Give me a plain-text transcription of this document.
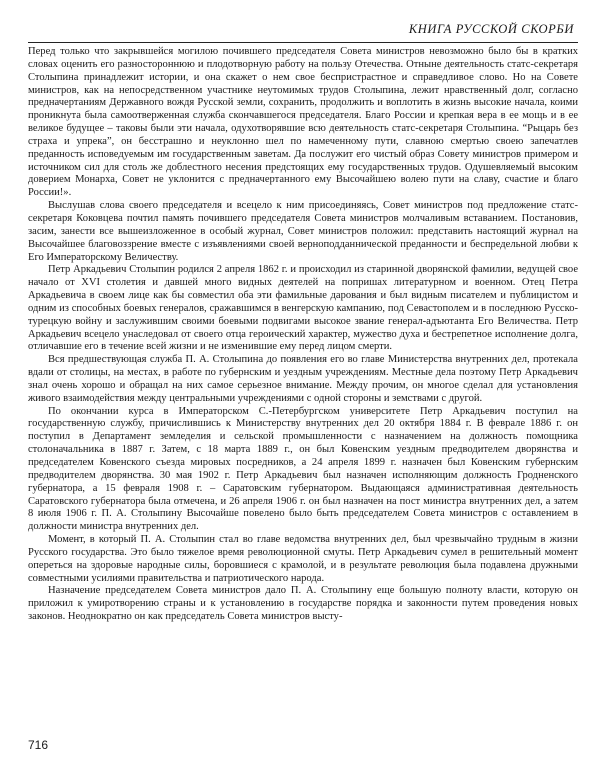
КНИГА РУССКОЙ СКОРБИ

Перед только что закрывшейся могилою почившего председателя Совета министров невозможно было бы в кратких словах оценить его разностороннюю и плодотворную работу на пользу Отечества. Отныне деятельность статс-секретаря Столыпина принадлежит истории, и она скажет о нем свое беспристрастное и справедливое слово. Но на Совете министров, как на непосредственном участнике неутомимых трудов Столыпина, лежит нравственный долг, согласно предначертаниям Державного вождя Русской земли, сохранить, продолжить и воплотить в жизнь высокие начала, коими проникнута была самоотверженная служба скончавшегося председателя. Благо России и крепкая вера в ее мощь и в ее великое будущее – таковы были эти начала, одухотворявшие всю деятельность статс-секретаря Столыпина. “Рыцарь без страха и упрека”, он бесстрашно и неуклонно шел по намеченному пути, славною смертью своею запечатлев преданность исповедуемым им государственным заветам. Да послужит его чистый образ Совету министров примером и источником сил для столь же доблестного несения предстоящих ему государственных трудов. Одушевляемый высоким доверием Монарха, Совет не уклонится с предначертанного ему Высочайшею волею пути на славу, счастие и благо России!».

Выслушав слова своего председателя и всецело к ним присоединяясь, Совет министров под предложение статс-секретаря Коковцева почтил память почившего председателя Совета министров молчаливым вставанием. Постановив, засим, занести все вышеизложенное в особый журнал, Совет министров положил: представить настоящий журнал на Высочайшее благовоззрение вместе с изъявлениями своей верноподданнической преданности и беспредельной любви к Его Императорскому Величеству.

Петр Аркадьевич Столыпин родился 2 апреля 1862 г. и происходил из старинной дворянской фамилии, ведущей свое начало от XVI столетия и давшей много видных деятелей на попришах литературном и военном. Отец Петра Аркадьевича в своем лице как бы совместил оба эти фамильные дарования и был видным писателем и публицистом и одним из способных боевых генералов, сражавшимся в венгерскую кампанию, под Севастополем и в последнюю Русско-турецкую войну и заслужившим своими боевыми подвигами высокое звание генерал-адъютанта Его Величества. Петр Аркадьевич всецело унаследовал от своего отца героический характер, мужество духа и бестрепетное исполнение долга, отличавшие его в течение всей жизни и не изменившие ему перед лицом смерти.

Вся предшествующая служба П. А. Столыпина до появления его во главе Министерства внутренних дел, протекала вдали от столицы, на местах, в работе по губернским и уездным учреждениям. Местные дела поэтому Петр Аркадьевич знал очень хорошо и обращал на них самое серьезное внимание. Между прочим, он многое сделал для установления живого взаимодействия между центральными учреждениями с одной стороны и земствами с другой.

По окончании курса в Императорском С.-Петербургском университете Петр Аркадьевич поступил на государственную службу, причислившись к Министерству внутренних дел 20 октября 1884 г. В феврале 1886 г. он поступил в Департамент земледелия и сельской промышленности с назначением на должность помощника столоначальника в 1887 г. Затем, с 18 марта 1889 г., он был Ковенским уездным предводителем дворянства и председателем Ковенского съезда мировых посредников, а 24 апреля 1899 г. назначен был Ковенским губернским предводителем дворянства. 30 мая 1902 г. Петр Аркадьевич был назначен исполняющим должность Гродненского губернатора, а 15 февраля 1908 г. – Саратовским губернатором. Выдающаяся административная деятельность Саратовского губернатора была отмечена, и 26 апреля 1906 г. он был назначен на пост министра внутренних дел, а затем 8 июля 1906 г. П. А. Столыпину Высочайше повелено было быть председателем Совета министров с оставлением в должности министра внутренних дел.

Момент, в который П. А. Столыпин стал во главе ведомства внутренних дел, был чрезвычайно трудным в жизни Русского государства. Это было тяжелое время революционной смуты. Петр Аркадьевич сумел в решительный момент опереться на здоровые народные силы, боровшиеся с крамолой, и в результате революция была подавлена дружными совместными усилиями правительства и патриотического народа.

Назначение председателем Совета министров дало П. А. Столыпину еще большую полноту власти, которую он приложил к умиротворению страны и к установлению в государстве порядка и законности путем проведения новых законов. Неоднократно он как председатель Совета министров высту-

716
